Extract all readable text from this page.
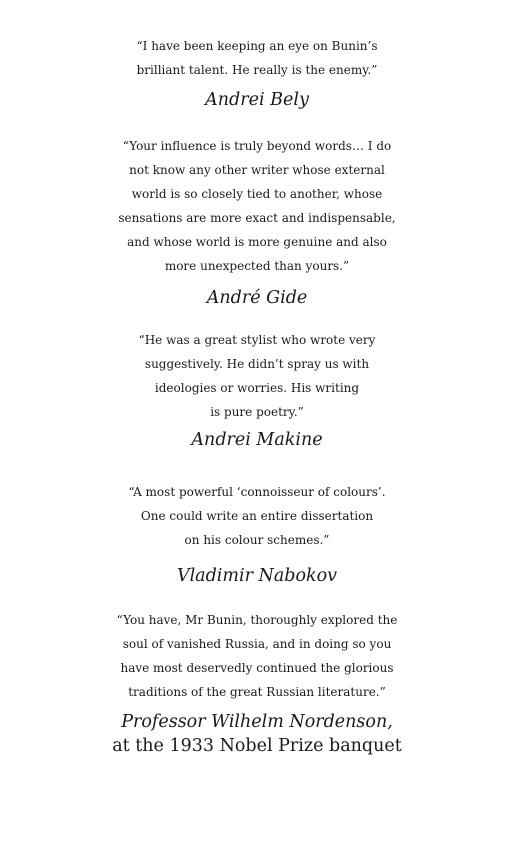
“I have been keeping an eye on Bunin’s
brilliant talent. He really is the enemy.”

Andrei Bely

“Your influence is truly beyond words… I do
not know any other writer whose external
world is so closely tied to another, whose
sensations are more exact and indispensable,
and whose world is more genuine and also
more unexpected than yours.”

André Gide

“He was a great stylist who wrote very
suggestively. He didn’t spray us with
ideologies or worries. His writing
is pure poetry.”

Andrei Makine

“A most powerful ‘connoisseur of colours’.
One could write an entire dissertation
on his colour schemes.”

Vladimir Nabokov

“You have, Mr Bunin, thoroughly explored the
soul of vanished Russia, and in doing so you
have most deservedly continued the glorious
traditions of the great Russian literature.”

Professor Wilhelm Nordenson,

at the 1933 Nobel Prize banquet
